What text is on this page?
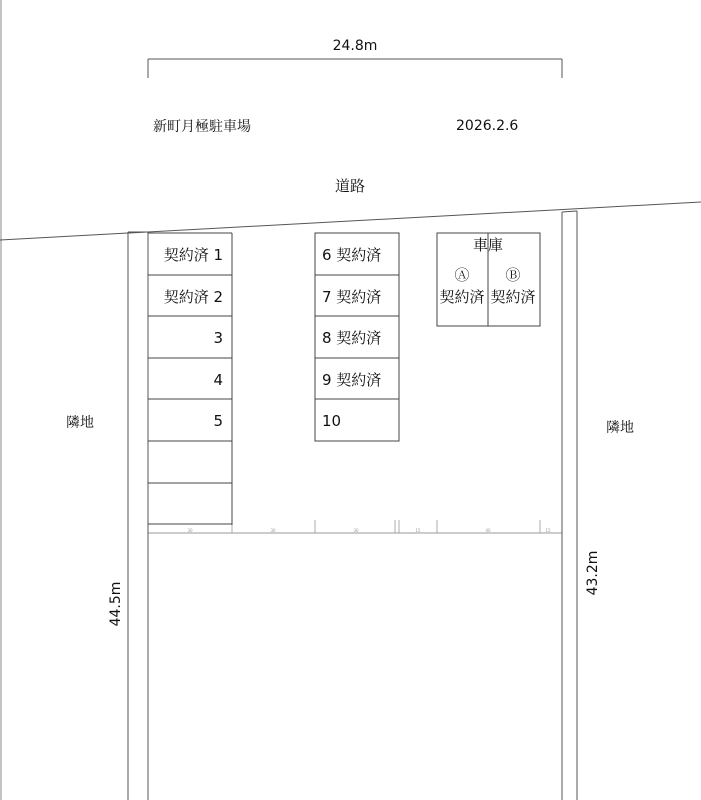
24.8m
新町月極駐車場	2026.2.6
道路
隣地	隣地
44.5m
43.2m
30	30	30	15	40	15
契約済 1
契約済 2
3
4
5
6 契約済
7 契約済
8 契約済
9 契約済
10
車庫
Ⓐ
契約済
Ⓑ
契約済
